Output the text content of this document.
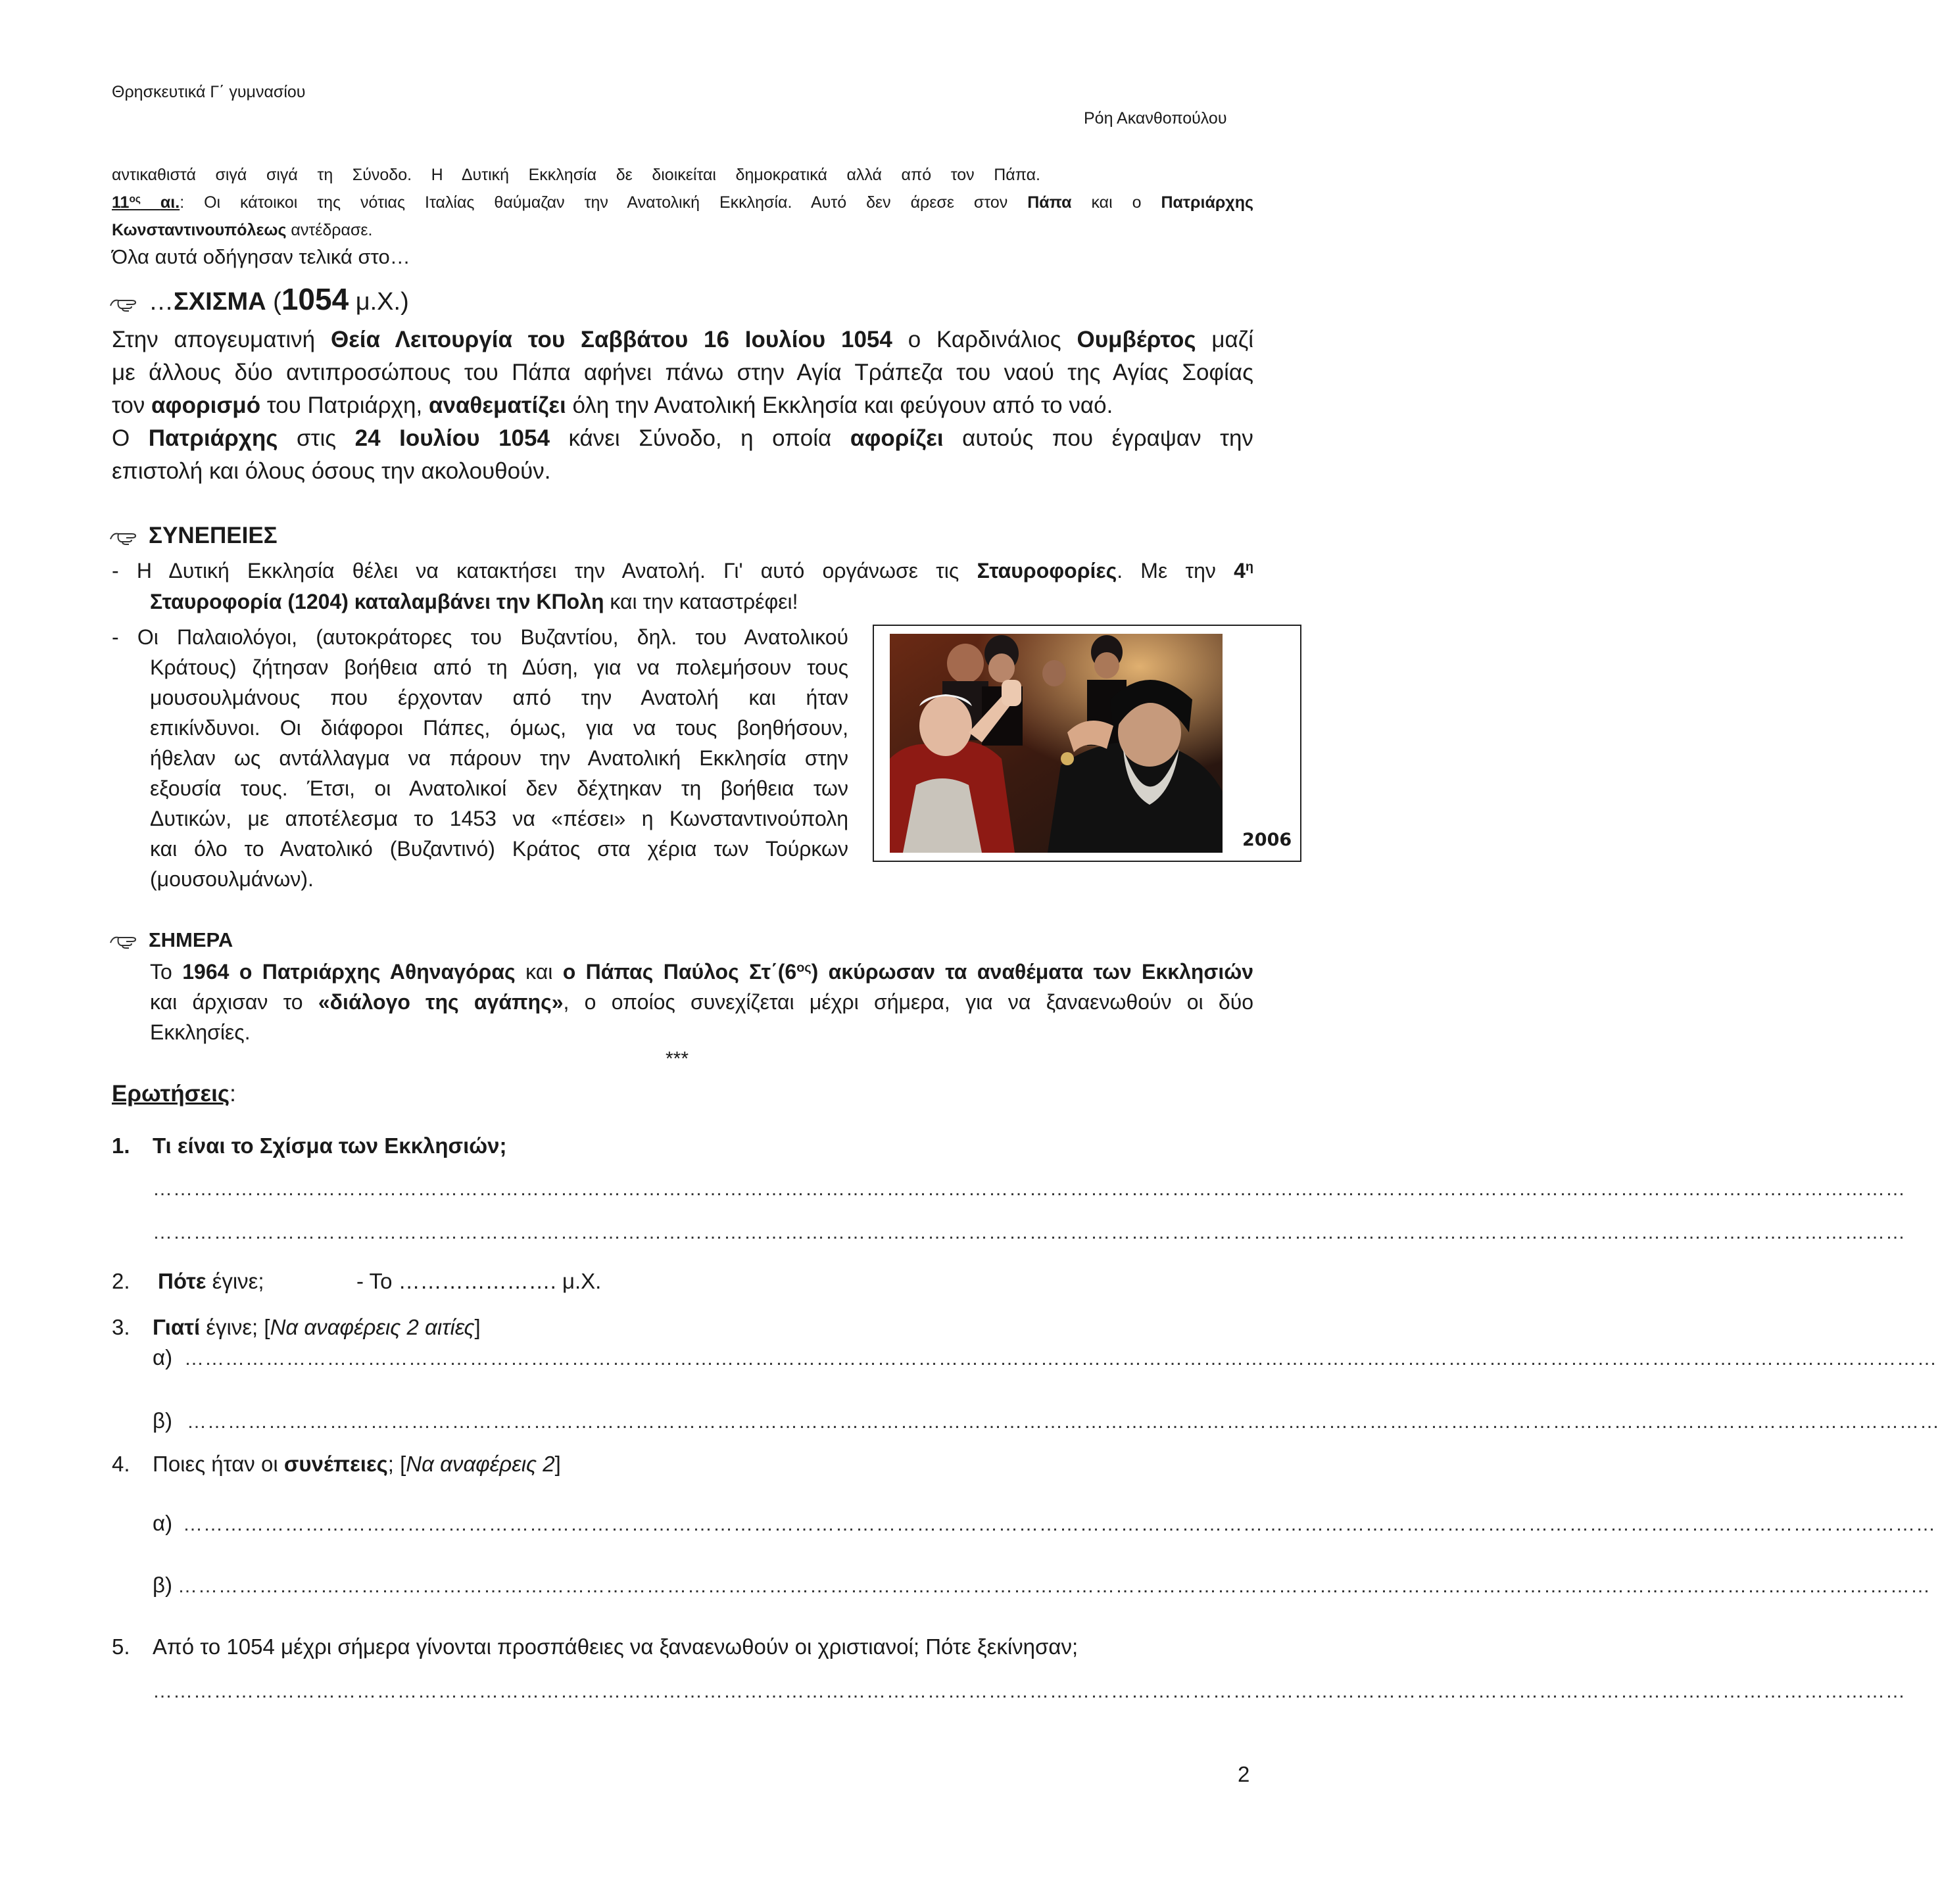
Θρησκευτικά Γ΄ γυμνασίου
Ρόη Ακανθοπούλου
αντικαθιστά σιγά σιγά τη Σύνοδο. Η Δυτική Εκκλησία δε διοικείται δημοκρατικά αλλά από τον Πάπα.
$11^{o\varsigma}$ αι.: Οι κάτοικοι της νότιας Ιταλίας θαύμαζαν την Ανατολική Εκκλησία. Αυτό δεν άρεσε στον Πάπα και ο Πατριάρχης
Κωνσταντινουπόλεως αντέδρασε.
Όλα αυτά οδήγησαν τελικά στο…
…ΣΧΙΣΜΑ (1054 μ.Χ.)
Στην απογευματινή Θεία Λειτουργία του Σαββάτου 16 Ιουλίου 1054 ο Καρδινάλιος Ουμβέρτος μαζί
με άλλους δύο αντιπροσώπους του Πάπα αφήνει πάνω στην Αγία Τράπεζα του ναού της Αγίας Σοφίας
τον αφορισμό του Πατριάρχη, αναθεματίζει όλη την Ανατολική Εκκλησία και φεύγουν από το ναό.
Ο Πατριάρχης στις 24 Ιουλίου 1054 κάνει Σύνοδο, η οποία αφορίζει αυτούς που έγραψαν την
επιστολή και όλους όσους την ακολουθούν.
ΣΥΝΕΠΕΙΕΣ
- Η Δυτική Εκκλησία θέλει να κατακτήσει την Ανατολή. Γι' αυτό οργάνωσε τις Σταυροφορίες. Με την $4^\eta$
Σταυροφορία (1204) καταλαμβάνει την ΚΠολη και την καταστρέφει!
- Οι Παλαιολόγοι, (αυτοκράτορες του Βυζαντίου, δηλ. του Ανατολικού
Κράτους) ζήτησαν βοήθεια από τη Δύση, για να πολεμήσουν τους
μουσουλμάνους που έρχονταν από την Ανατολή και ήταν
επικίνδυνοι. Οι διάφοροι Πάπες, όμως, για να τους βοηθήσουν,
ήθελαν ως αντάλλαγμα να πάρουν την Ανατολική Εκκλησία στην
εξουσία τους. Έτσι, οι Ανατολικοί δεν δέχτηκαν τη βοήθεια των
Δυτικών, με αποτέλεσμα το 1453 να «πέσει» η Κωνσταντινούπολη
και όλο το Ανατολικό (Βυζαντινό) Κράτος στα χέρια των Τούρκων
(μουσουλμάνων).
2006
ΣΗΜΕΡΑ
Το 1964 ο Πατριάρχης Αθηναγόρας και ο Πάπας Παύλος $\Sigma\tau΄(6^{o\varsigma})$ ακύρωσαν τα αναθέματα των Εκκλησιών
και άρχισαν το «διάλογο της αγάπης», ο οποίος συνεχίζεται μέχρι σήμερα, για να ξαναενωθούν οι δύο
Εκκλησίες.
***
Ερωτήσεις:
1. Τι είναι το Σχίσμα των Εκκλησιών;
……………………………………………………………………………………………………………………………………………………………………………………………………………………………………
……………………………………………………………………………………………………………………………………………………………………………………………………………………………………
2. Πότε έγινε;	- Το …………………. μ.Χ.
3. Γιατί έγινε; [Να αναφέρεις 2 αιτίες]
α) ……………………………………………………………………………………………………………………………………………………………………………………………………………………………………
β) ……………………………………………………………………………………………………………………………………………………………………………………………………………………………………
4. Ποιες ήταν οι συνέπειες; [Να αναφέρεις 2]
α) ……………………………………………………………………………………………………………………………………………………………………………………………………………………………………
β) ……………………………………………………………………………………………………………………………………………………………………………………………………………………………………
5. Από το 1054 μέχρι σήμερα γίνονται προσπάθειες να ξαναενωθούν οι χριστιανοί; Πότε ξεκίνησαν;
……………………………………………………………………………………………………………………………………………………………………………………………………………………………………
2
